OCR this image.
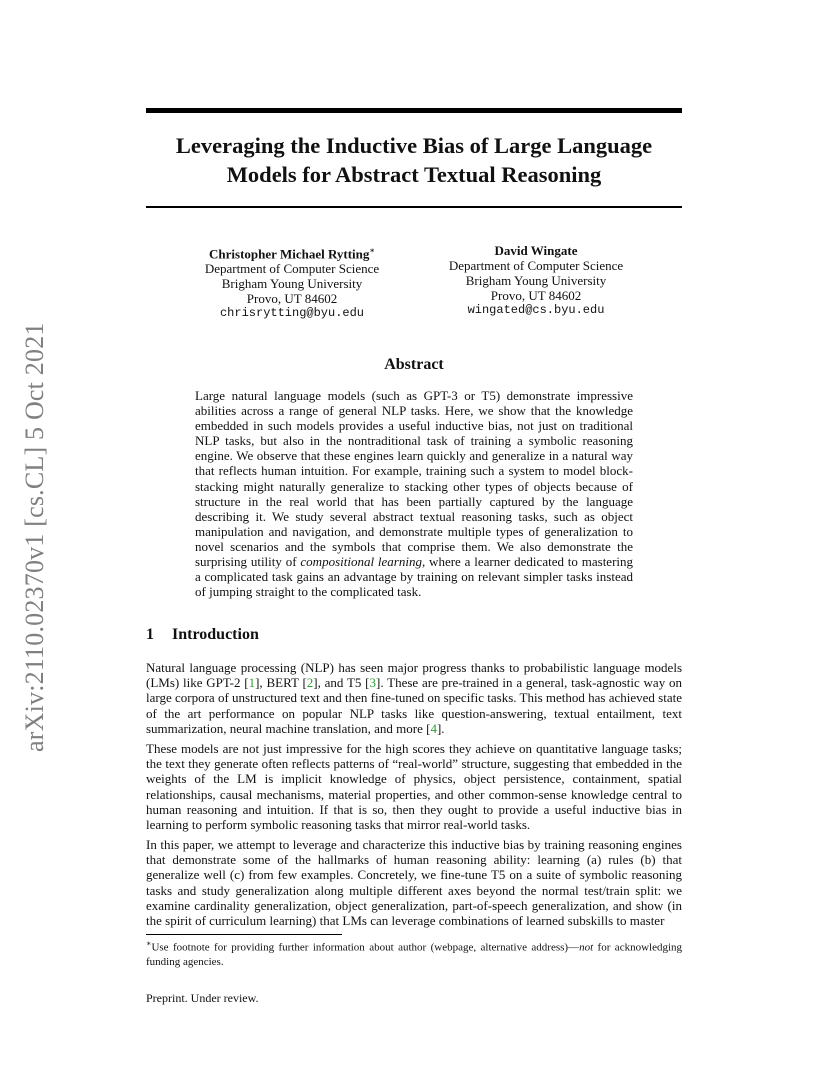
arXiv:2110.02370v1 [cs.CL] 5 Oct 2021
Leveraging the Inductive Bias of Large Language
Models for Abstract Textual Reasoning
Christopher Michael Rytting∗
Department of Computer Science
Brigham Young University
Provo, UT 84602
chrisrytting@byu.edu
David Wingate
Department of Computer Science
Brigham Young University
Provo, UT 84602
wingated@cs.byu.edu
Abstract
Large natural language models (such as GPT-3 or T5) demonstrate impressive abilities across a range of general NLP tasks. Here, we show that the knowledge embedded in such models provides a useful inductive bias, not just on traditional NLP tasks, but also in the nontraditional task of training a symbolic reasoning engine. We observe that these engines learn quickly and generalize in a natural way that reflects human intuition. For example, training such a system to model block-stacking might naturally generalize to stacking other types of objects because of structure in the real world that has been partially captured by the language describing it. We study several abstract textual reasoning tasks, such as object manipulation and navigation, and demonstrate multiple types of generalization to novel scenarios and the symbols that comprise them. We also demonstrate the surprising utility of compositional learning, where a learner dedicated to mastering a complicated task gains an advantage by training on relevant simpler tasks instead of jumping straight to the complicated task.
1 Introduction
Natural language processing (NLP) has seen major progress thanks to probabilistic language models (LMs) like GPT-2 [1], BERT [2], and T5 [3]. These are pre-trained in a general, task-agnostic way on large corpora of unstructured text and then fine-tuned on specific tasks. This method has achieved state of the art performance on popular NLP tasks like question-answering, textual entailment, text summarization, neural machine translation, and more [4].
These models are not just impressive for the high scores they achieve on quantitative language tasks; the text they generate often reflects patterns of “real-world” structure, suggesting that embedded in the weights of the LM is implicit knowledge of physics, object persistence, containment, spatial relationships, causal mechanisms, material properties, and other common-sense knowledge central to human reasoning and intuition. If that is so, then they ought to provide a useful inductive bias in learning to perform symbolic reasoning tasks that mirror real-world tasks.
In this paper, we attempt to leverage and characterize this inductive bias by training reasoning engines that demonstrate some of the hallmarks of human reasoning ability: learning (a) rules (b) that generalize well (c) from few examples. Concretely, we fine-tune T5 on a suite of symbolic reasoning tasks and study generalization along multiple different axes beyond the normal test/train split: we examine cardinality generalization, object generalization, part-of-speech generalization, and show (in the spirit of curriculum learning) that LMs can leverage combinations of learned subskills to master
∗Use footnote for providing further information about author (webpage, alternative address)—not for acknowledging funding agencies.
Preprint. Under review.
